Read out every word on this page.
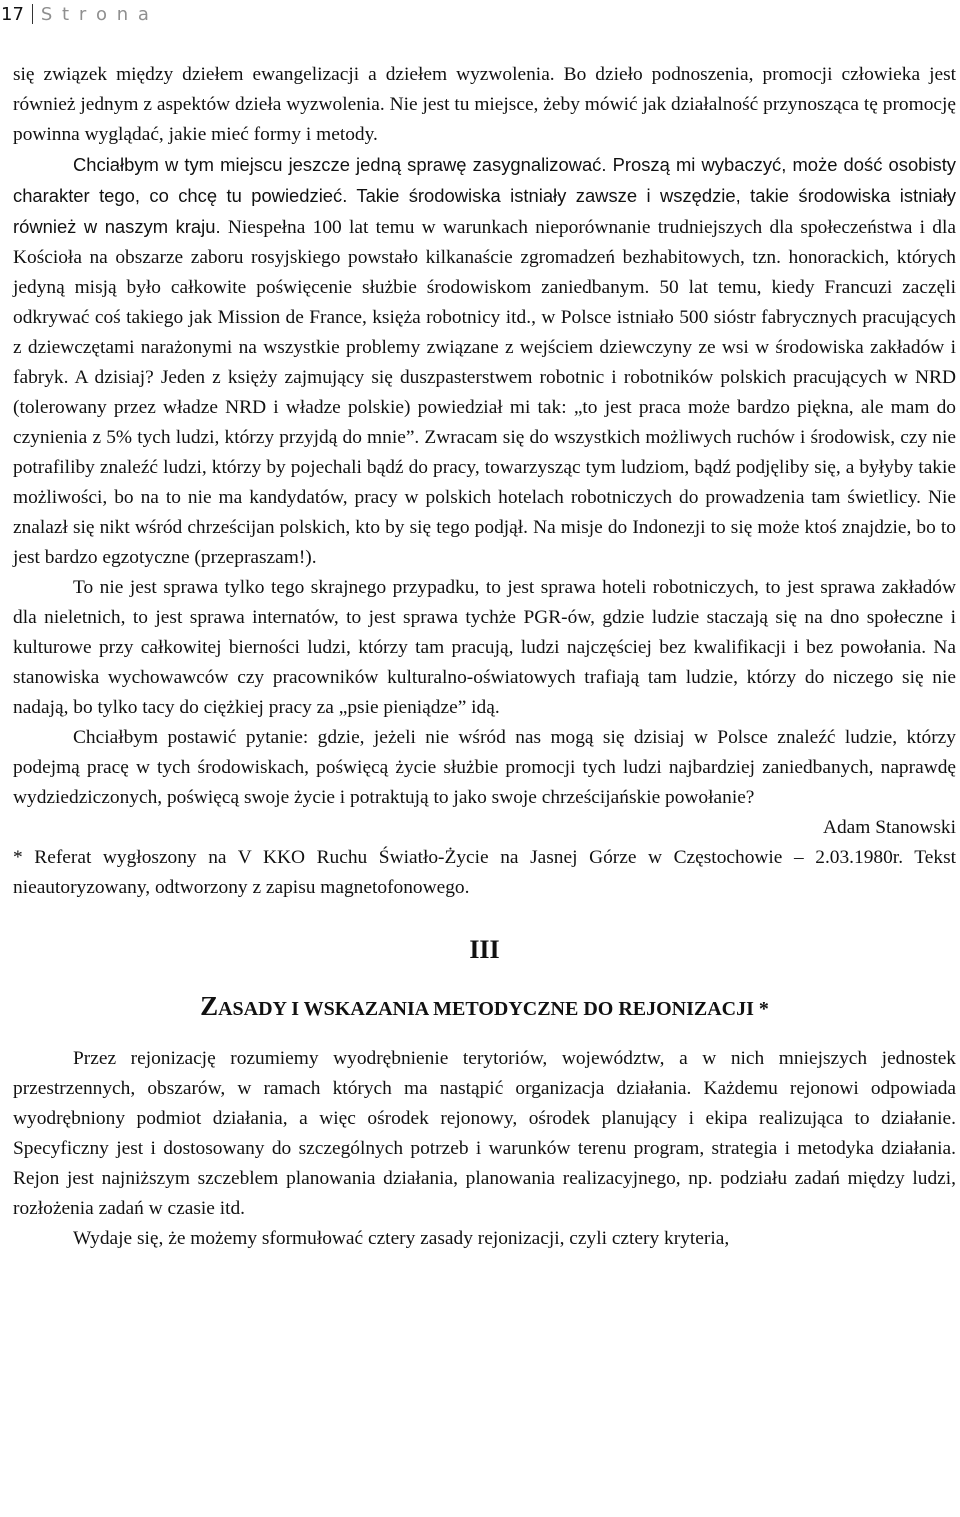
17 S t r o n a

się związek między dziełem ewangelizacji a dziełem wyzwolenia. Bo dzieło podnoszenia, promocji człowieka jest również jednym z aspektów dzieła wyzwolenia. Nie jest tu miejsce, żeby mówić jak działalność przynosząca tę promocję powinna wyglądać, jakie mieć formy i metody.

Chciałbym w tym miejscu jeszcze jedną sprawę zasygnalizować. Proszą mi wybaczyć, może dość osobisty charakter tego, co chcę tu powiedzieć. Takie środowiska istniały zawsze i wszędzie, takie środowiska istniały również w naszym kraju. Niespełna 100 lat temu w warunkach nieporównanie trudniejszych dla społeczeństwa i dla Kościoła na obszarze zaboru rosyjskiego powstało kilkanaście zgromadzeń bezhabitowych, tzn. honorackich, których jedyną misją było całkowite poświęcenie służbie środowiskom zaniedbanym. 50 lat temu, kiedy Francuzi zaczęli odkrywać coś takiego jak Mission de France, księża robotnicy itd., w Polsce istniało 500 sióstr fabrycznych pracujących z dziewczętami narażonymi na wszystkie problemy związane z wejściem dziewczyny ze wsi w środowiska zakładów i fabryk. A dzisiaj? Jeden z księży zajmujący się duszpasterstwem robotnic i robotników polskich pracujących w NRD (tolerowany przez władze NRD i władze polskie) powiedział mi tak: „to jest praca może bardzo piękna, ale mam do czynienia z 5% tych ludzi, którzy przyjdą do mnie”. Zwracam się do wszystkich możliwych ruchów i środowisk, czy nie potrafiliby znaleźć ludzi, którzy by pojechali bądź do pracy, towarzysząc tym ludziom, bądź podjęliby się, a byłyby takie możliwości, bo na to nie ma kandydatów, pracy w polskich hotelach robotniczych do prowadzenia tam świetlicy. Nie znalazł się nikt wśród chrześcijan polskich, kto by się tego podjął. Na misje do Indonezji to się może ktoś znajdzie, bo to jest bardzo egzotyczne (przepraszam!).

To nie jest sprawa tylko tego skrajnego przypadku, to jest sprawa hoteli robotniczych, to jest sprawa zakładów dla nieletnich, to jest sprawa internatów, to jest sprawa tychże PGR-ów, gdzie ludzie staczają się na dno społeczne i kulturowe przy całkowitej bierności ludzi, którzy tam pracują, ludzi najczęściej bez kwalifikacji i bez powołania. Na stanowiska wychowawców czy pracowników kulturalno-oświatowych trafiają tam ludzie, którzy do niczego się nie nadają, bo tylko tacy do ciężkiej pracy za „psie pieniądze” idą.

Chciałbym postawić pytanie: gdzie, jeżeli nie wśród nas mogą się dzisiaj w Polsce znaleźć ludzie, którzy podejmą pracę w tych środowiskach, poświęcą życie służbie promocji tych ludzi najbardziej zaniedbanych, naprawdę wydziedziczonych, poświęcą swoje życie i potraktują to jako swoje chrześcijańskie powołanie?

Adam Stanowski

* Referat wygłoszony na V KKO Ruchu Światło-Życie na Jasnej Górze w Częstochowie – 2.03.1980r. Tekst nieautoryzowany, odtworzony z zapisu magnetofonowego.

III
ZASADY I WSKAZANIA METODYCZNE DO REJONIZACJI *

Przez rejonizację rozumiemy wyodrębnienie terytoriów, województw, a w nich mniejszych jednostek przestrzennych, obszarów, w ramach których ma nastąpić organizacja działania. Każdemu rejonowi odpowiada wyodrębniony podmiot działania, a więc ośrodek rejonowy, ośrodek planujący i ekipa realizująca to działanie. Specyficzny jest i dostosowany do szczególnych potrzeb i warunków terenu program, strategia i metodyka działania. Rejon jest najniższym szczeblem planowania działania, planowania realizacyjnego, np. podziału zadań między ludzi, rozłożenia zadań w czasie itd.

Wydaje się, że możemy sformułować cztery zasady rejonizacji, czyli cztery kryteria,
